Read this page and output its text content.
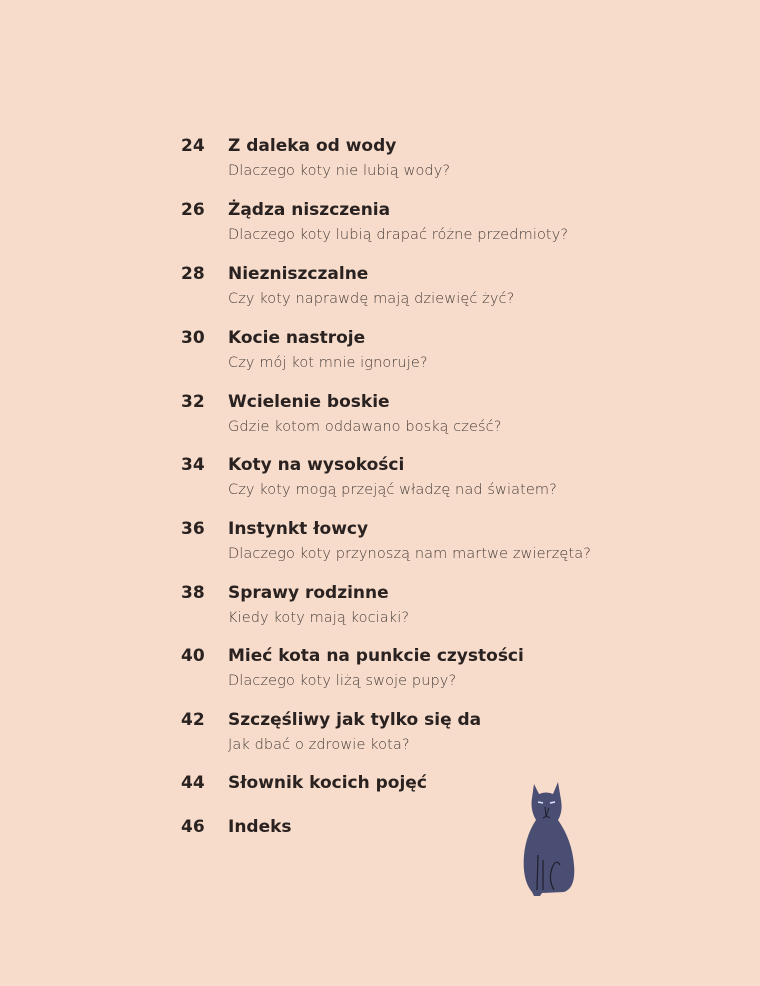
24	Z daleka od wody
Dlaczego koty nie lubią wody?
26	Żądza niszczenia
Dlaczego koty lubią drapać różne przedmioty?
28	Niezniszczalne
Czy koty naprawdę mają dziewięć żyć?
30	Kocie nastroje
Czy mój kot mnie ignoruje?
32	Wcielenie boskie
Gdzie kotom oddawano boską cześć?
34	Koty na wysokości
Czy koty mogą przejąć władzę nad światem?
36	Instynkt łowcy
Dlaczego koty przynoszą nam martwe zwierzęta?
38	Sprawy rodzinne
Kiedy koty mają kociaki?
40	Mieć kota na punkcie czystości
Dlaczego koty liżą swoje pupy?
42	Szczęśliwy jak tylko się da
Jak dbać o zdrowie kota?
44	Słownik kocich pojęć
46	Indeks
